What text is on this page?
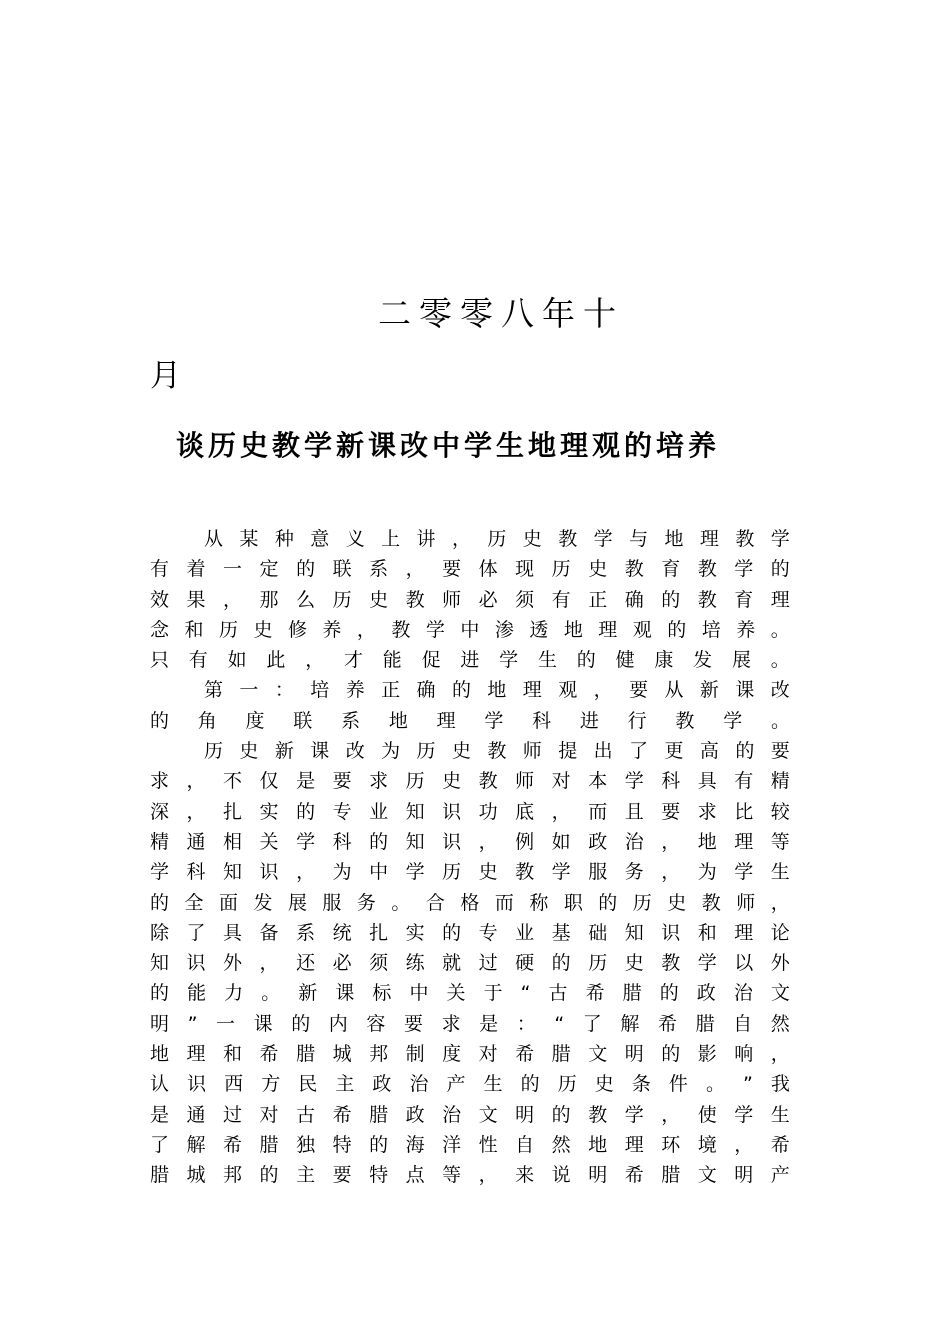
二零零八年十
月
谈历史教学新课改中学生地理观的培养
从 某 种 意 义 上 讲 ， 历 史 教 学 与 地 理 教 学
有 着 一 定 的 联 系 ， 要 体 现 历 史 教 育 教 学 的
效 果 ， 那 么 历 史 教 师 必 须 有 正 确 的 教 育 理
念 和 历 史 修 养 ， 教 学 中 渗 透 地 理 观 的 培 养 。
只 有 如 此 ， 才 能 促 进 学 生 的 健 康 发 展 。
第 一 ： 培 养 正 确 的 地 理 观 ， 要 从 新 课 改
的 角 度 联 系 地 理 学 科 进 行 教 学 。
历 史 新 课 改 为 历 史 教 师 提 出 了 更 高 的 要
求 ， 不 仅 是 要 求 历 史 教 师 对 本 学 科 具 有 精
深 ， 扎 实 的 专 业 知 识 功 底 ， 而 且 要 求 比 较
精 通 相 关 学 科 的 知 识 ， 例 如 政 治 ， 地 理 等
学 科 知 识 ， 为 中 学 历 史 教 学 服 务 ， 为 学 生
的 全 面 发 展 服 务 。 合 格 而 称 职 的 历 史 教 师 ，
除 了 具 备 系 统 扎 实 的 专 业 基 础 知 识 和 理 论
知 识 外 ， 还 必 须 练 就 过 硬 的 历 史 教 学 以 外
的 能 力 。 新 课 标 中 关 于 “ 古 希 腊 的 政 治 文
明 ” 一 课 的 内 容 要 求 是 ： “ 了 解 希 腊 自 然
地 理 和 希 腊 城 邦 制 度 对 希 腊 文 明 的 影 响 ，
认 识 西 方 民 主 政 治 产 生 的 历 史 条 件 。 ” 我
是 通 过 对 古 希 腊 政 治 文 明 的 教 学 ， 使 学 生
了 解 希 腊 独 特 的 海 洋 性 自 然 地 理 环 境 ， 希
腊 城 邦 的 主 要 特 点 等 ， 来 说 明 希 腊 文 明 产
